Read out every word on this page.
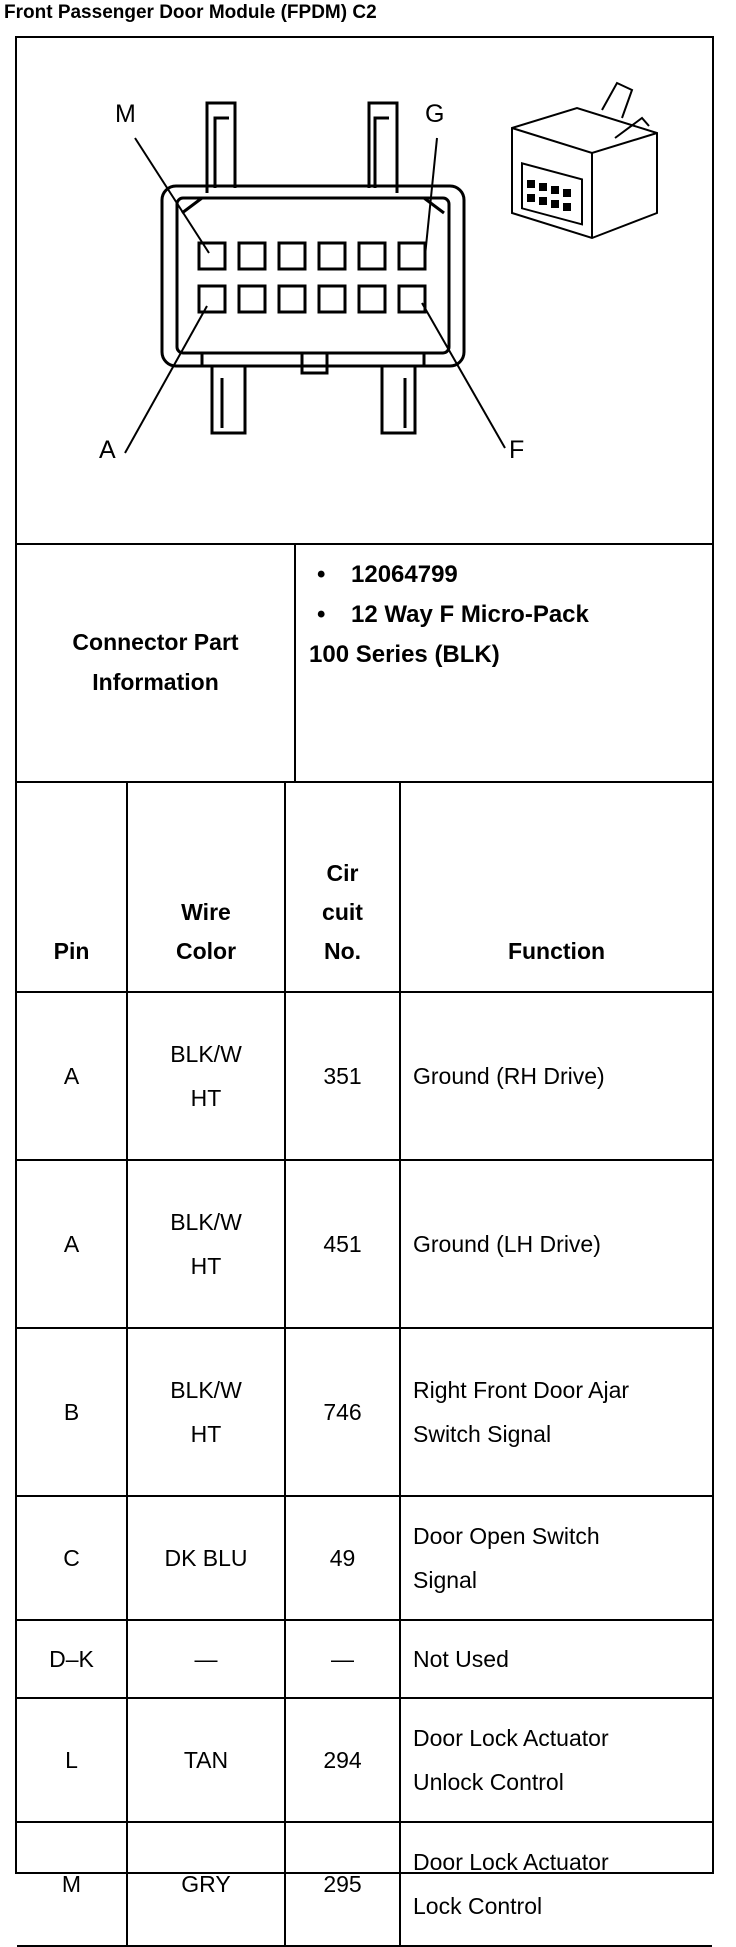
Front Passenger Door Module (FPDM) C2
M	G
A	F
Connector Part Information
• 12064799
• 12 Way F Micro-Pack
100 Series (BLK)
Pin	Wire Color	Cir cuit No.	Function
A	BLK/W HT	351	Ground (RH Drive)
A	BLK/W HT	451	Ground (LH Drive)
B	BLK/W HT	746	Right Front Door Ajar Switch Signal

C	DK BLU	49	Door Open Switch Signal

D–K	—	—	Not Used
L	TAN	294	Door Lock Actuator Unlock Control

M	GRY	295	Door Lock Actuator Lock Control
